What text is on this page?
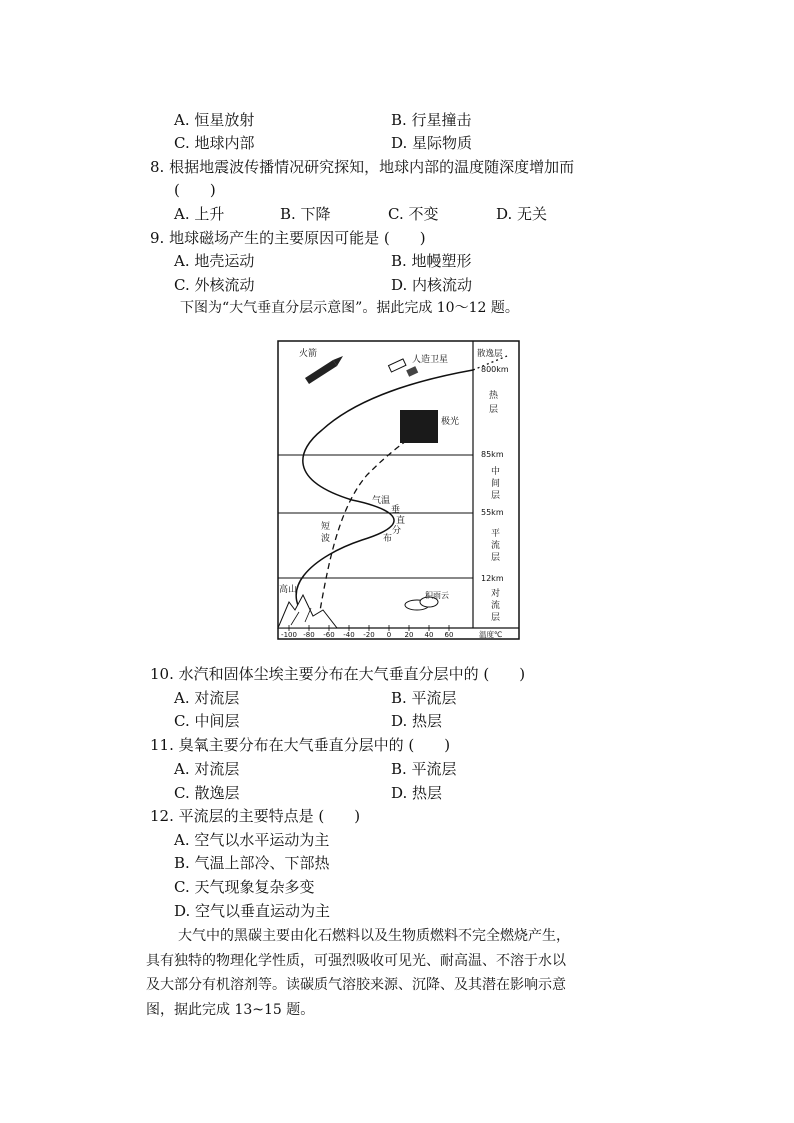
A. 恒星放射	B. 行星撞击
C. 地球内部	D. 星际物质
8. 根据地震波传播情况研究探知，地球内部的温度随深度增加而
(　　)
A. 上升	B. 下降	C. 不变	D. 无关
9. 地球磁场产生的主要原因可能是 (　　)
A. 地壳运动	B. 地幔塑形
C. 外核流动	D. 内核流动
下图为“大气垂直分层示意图”。据此完成 10～12 题。
火箭
人造卫星
极光
高山
积雨云
短
波
气温
垂
直
分
布
散逸层
800km
热
层
85km
中
间
层
55km
平
流
层
12km
对
流
层
-100 -80 -60 -40 -20 0 20 40 60	温度℃
10. 水汽和固体尘埃主要分布在大气垂直分层中的 (　　)
A. 对流层	B. 平流层
C. 中间层	D. 热层
11. 臭氧主要分布在大气垂直分层中的 (　　)
A. 对流层	B. 平流层
C. 散逸层	D. 热层
12. 平流层的主要特点是 (　　)
A. 空气以水平运动为主
B. 气温上部冷、下部热
C. 天气现象复杂多变
D. 空气以垂直运动为主

大气中的黑碳主要由化石燃料以及生物质燃料不完全燃烧产生，

具有独特的物理化学性质，可强烈吸收可见光、耐高温、不溶于水以

及大部分有机溶剂等。读碳质气溶胶来源、沉降、及其潜在影响示意

图，据此完成 13~15 题。
